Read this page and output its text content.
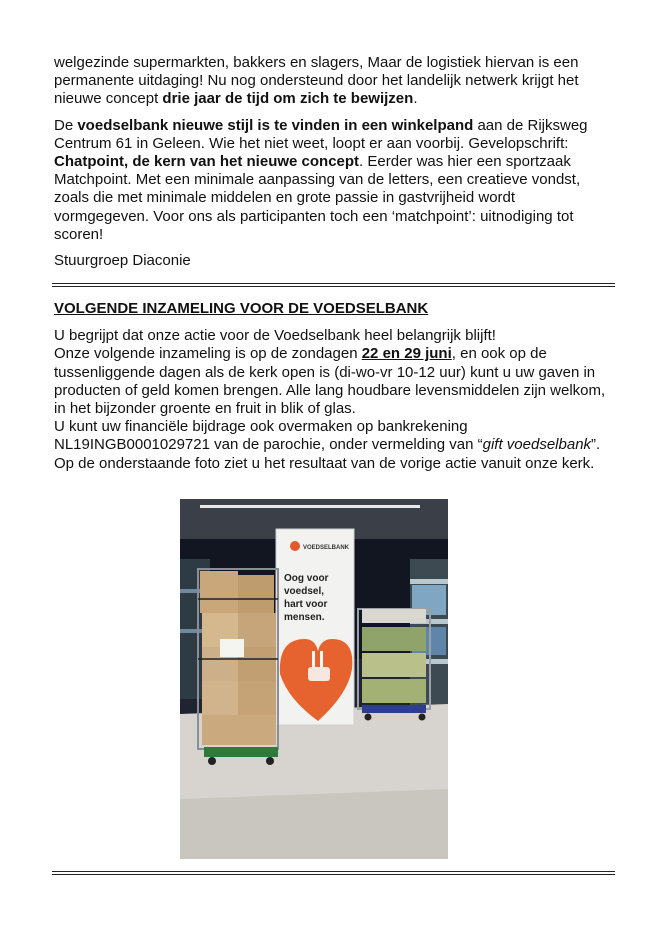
welgezinde supermarkten, bakkers en slagers, Maar de logistiek hiervan is een permanente uitdaging! Nu nog ondersteund door het landelijk netwerk krijgt het nieuwe concept drie jaar de tijd om zich te bewijzen.

De voedselbank nieuwe stijl is te vinden in een winkelpand aan de Rijksweg Centrum 61 in Geleen. Wie het niet weet, loopt er aan voorbij. Gevelopschrift: Chatpoint, de kern van het nieuwe concept. Eerder was hier een sportzaak Matchpoint. Met een minimale aanpassing van de letters, een creatieve vondst, zoals die met minimale middelen en grote passie in gastvrijheid wordt vormgegeven. Voor ons als participanten toch een ‘matchpoint’: uitnodiging tot scoren!

Stuurgroep Diaconie

VOLGENDE INZAMELING VOOR DE VOEDSELBANK

U begrijpt dat onze actie voor de Voedselbank heel belangrijk blijft!

Onze volgende inzameling is op de zondagen 22 en 29 juni, en ook op de tussenliggende dagen als de kerk open is (di-wo-vr 10-12 uur) kunt u uw gaven in producten of geld komen brengen. Alle lang houdbare levensmiddelen zijn welkom, in het bijzonder groente en fruit in blik of glas.

U kunt uw financiële bijdrage ook overmaken op bankrekening NL19INGB0001029721 van de parochie, onder vermelding van “gift voedselbank”.

Op de onderstaande foto ziet u het resultaat van de vorige actie vanuit onze kerk.

VOEDSELBANK
Oog voor
voedsel,
hart voor
mensen.
